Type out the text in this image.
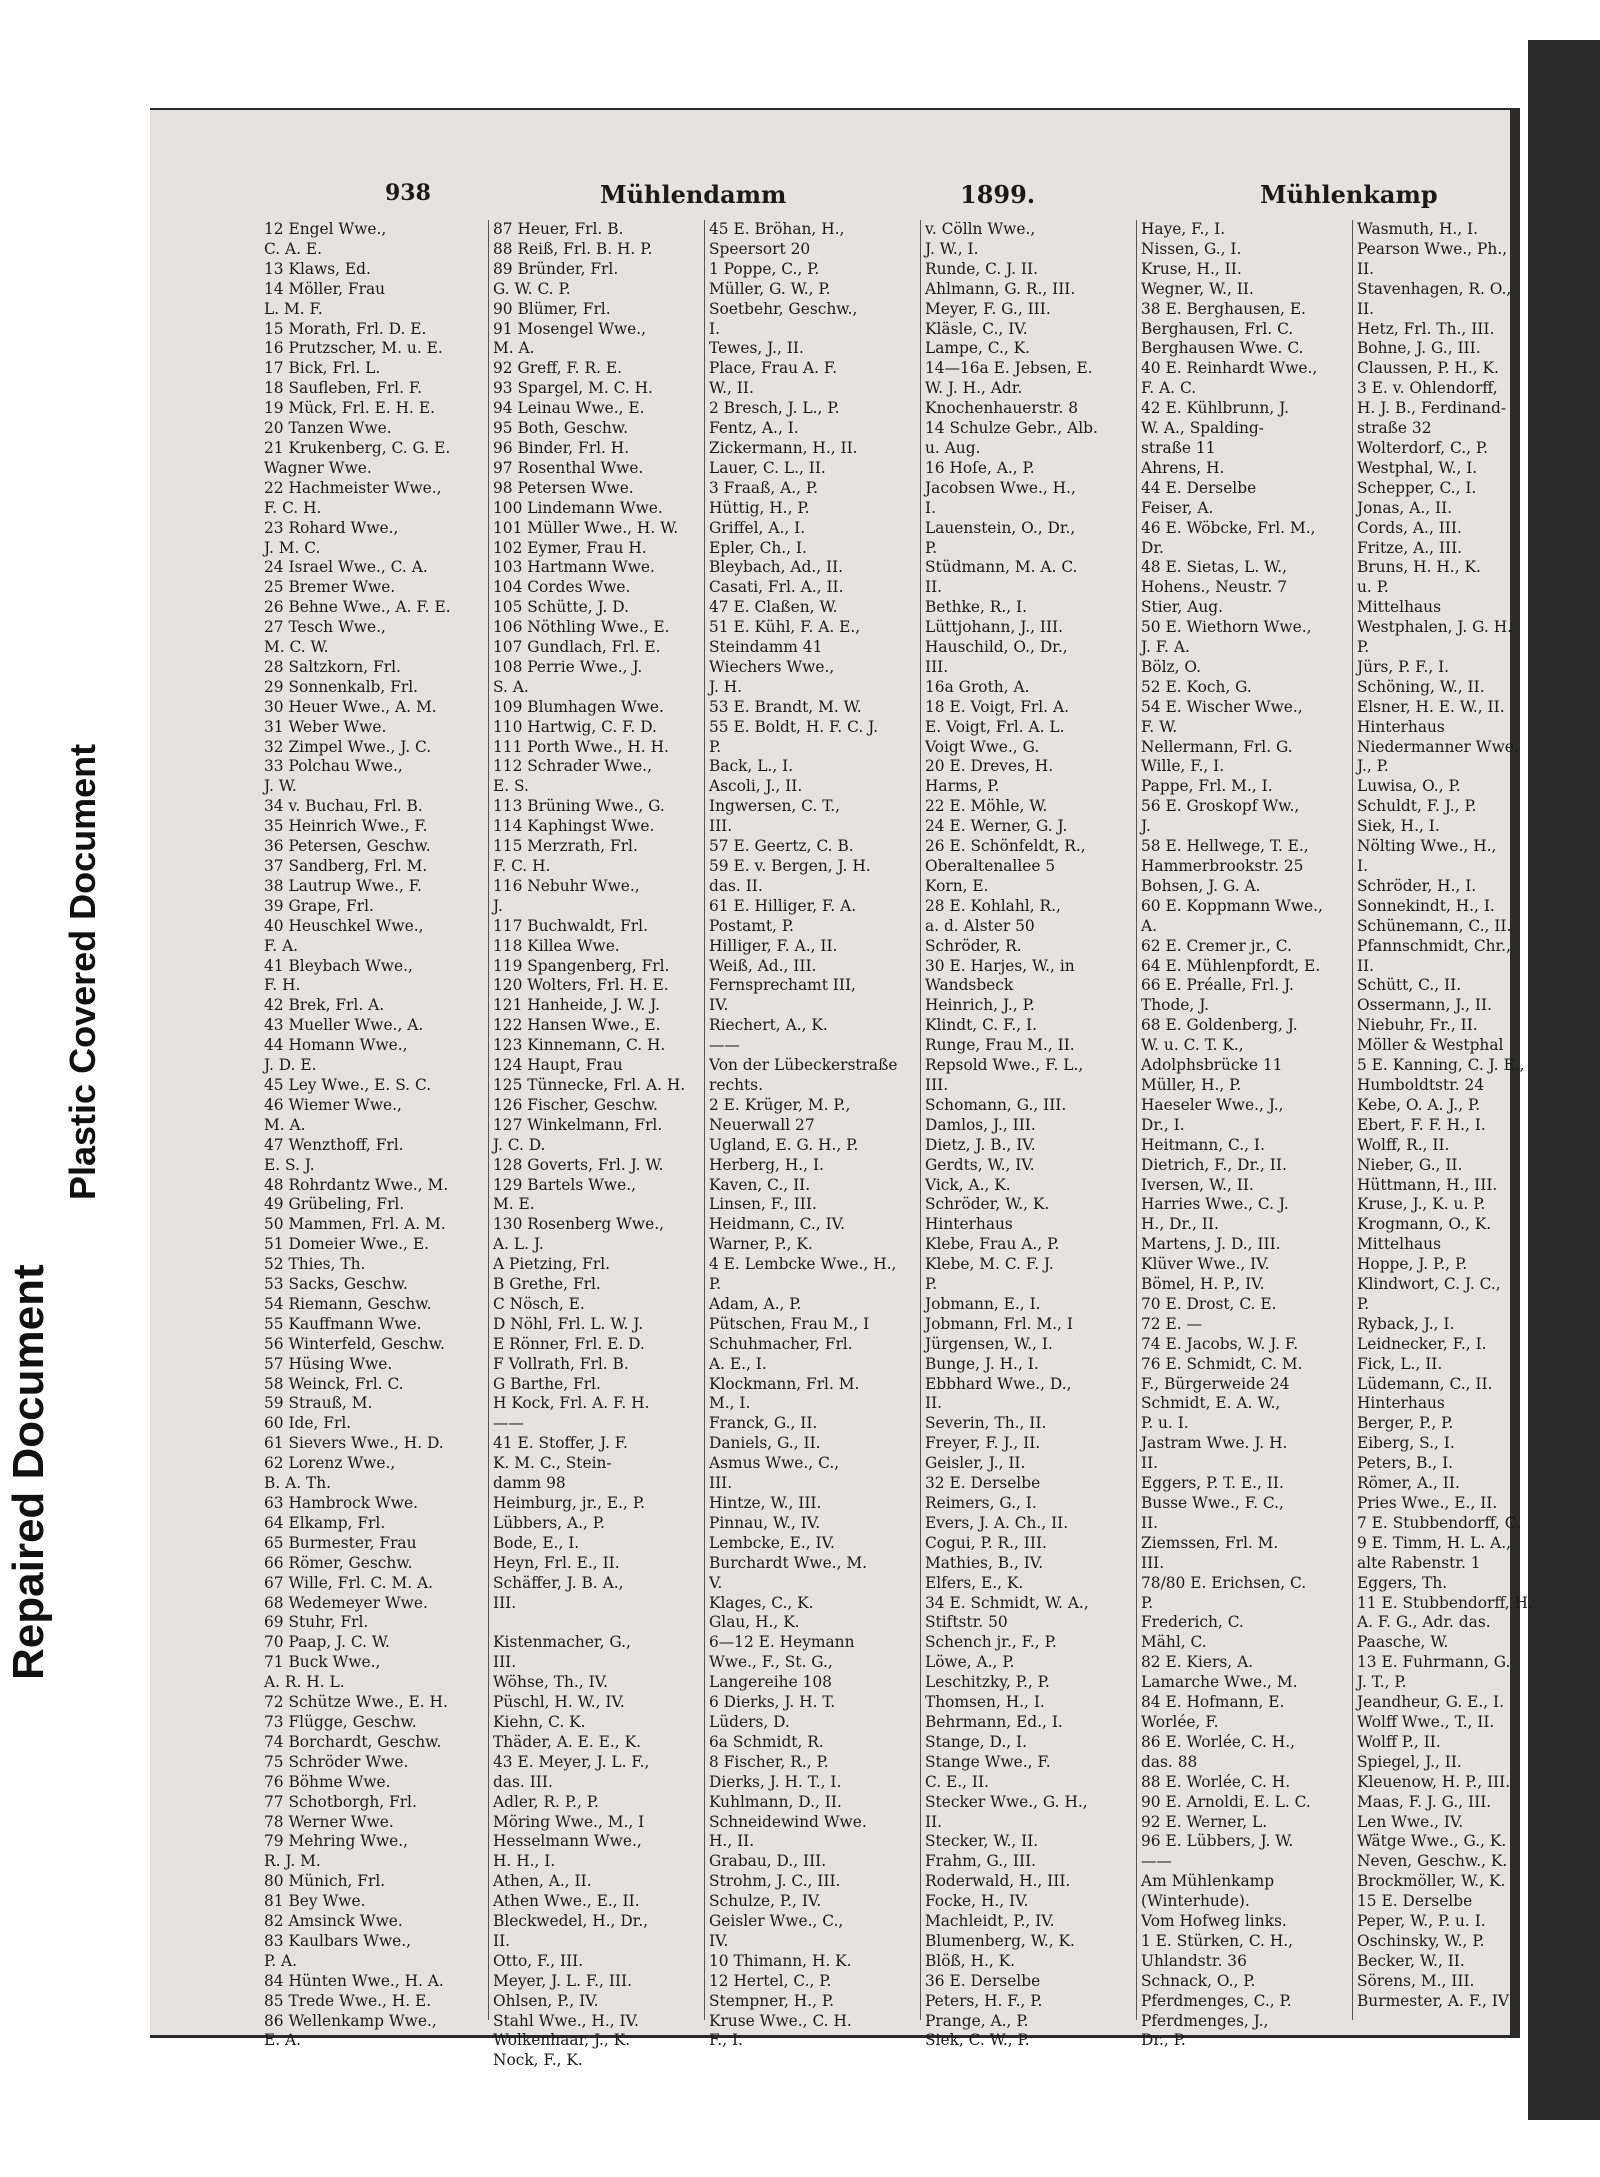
Repaired Document
Plastic Covered Document
938	Mühlendamm	1899.	Mühlenkamp
12 Engel Wwe.,
C. A. E.
13 Klaws, Ed.
14 Möller, Frau
L. M. F.
15 Morath, Frl. D. E.
16 Prutzscher, M. u. E.
17 Bick, Frl. L.
18 Saufleben, Frl. F.
19 Mück, Frl. E. H. E.
20 Tanzen Wwe.
21 Krukenberg, C. G. E.
Wagner Wwe.
22 Hachmeister Wwe.,
F. C. H.
23 Rohard Wwe.,
J. M. C.
24 Israel Wwe., C. A.
25 Bremer Wwe.
26 Behne Wwe., A. F. E.
27 Tesch Wwe.,
M. C. W.
28 Saltzkorn, Frl.
29 Sonnenkalb, Frl.
30 Heuer Wwe., A. M.
31 Weber Wwe.
32 Zimpel Wwe., J. C.
33 Polchau Wwe.,
J. W.
34 v. Buchau, Frl. B.
35 Heinrich Wwe., F.
36 Petersen, Geschw.
37 Sandberg, Frl. M.
38 Lautrup Wwe., F.
39 Grape, Frl.
40 Heuschkel Wwe.,
F. A.
41 Bleybach Wwe.,
F. H.
42 Brek, Frl. A.
43 Mueller Wwe., A.
44 Homann Wwe.,
J. D. E.
45 Ley Wwe., E. S. C.
46 Wiemer Wwe.,
M. A.
47 Wenzthoff, Frl.
E. S. J.
48 Rohrdantz Wwe., M.
49 Grübeling, Frl.
50 Mammen, Frl. A. M.
51 Domeier Wwe., E.
52 Thies, Th.
53 Sacks, Geschw.
54 Riemann, Geschw.
55 Kauffmann Wwe.
56 Winterfeld, Geschw.
57 Hüsing Wwe.
58 Weinck, Frl. C.
59 Strauß, M.
60 Ide, Frl.
61 Sievers Wwe., H. D.
62 Lorenz Wwe.,
B. A. Th.
63 Hambrock Wwe.
64 Elkamp, Frl.
65 Burmester, Frau
66 Römer, Geschw.
67 Wille, Frl. C. M. A.
68 Wedemeyer Wwe.
69 Stuhr, Frl.
70 Paap, J. C. W.
71 Buck Wwe.,
A. R. H. L.
72 Schütze Wwe., E. H.
73 Flügge, Geschw.
74 Borchardt, Geschw.
75 Schröder Wwe.
76 Böhme Wwe.
77 Schotborgh, Frl.
78 Werner Wwe.
79 Mehring Wwe.,
R. J. M.
80 Münich, Frl.
81 Bey Wwe.
82 Amsinck Wwe.
83 Kaulbars Wwe.,
P. A.
84 Hünten Wwe., H. A.
85 Trede Wwe., H. E.
86 Wellenkamp Wwe.,
E. A.
87 Heuer, Frl. B.
88 Reiß, Frl. B. H. P.
89 Bründer, Frl.
G. W. C. P.
90 Blümer, Frl.
91 Mosengel Wwe.,
M. A.
92 Greff, F. R. E.
93 Spargel, M. C. H.
94 Leinau Wwe., E.
95 Both, Geschw.
96 Binder, Frl. H.
97 Rosenthal Wwe.
98 Petersen Wwe.
100 Lindemann Wwe.
101 Müller Wwe., H. W.
102 Eymer, Frau H.
103 Hartmann Wwe.
104 Cordes Wwe.
105 Schütte, J. D.
106 Nöthling Wwe., E.
107 Gundlach, Frl. E.
108 Perrie Wwe., J.
S. A.
109 Blumhagen Wwe.
110 Hartwig, C. F. D.
111 Porth Wwe., H. H.
112 Schrader Wwe.,
E. S.
113 Brüning Wwe., G.
114 Kaphingst Wwe.
115 Merzrath, Frl.
F. C. H.
116 Nebuhr Wwe.,
J.
117 Buchwaldt, Frl.
118 Killea Wwe.
119 Spangenberg, Frl.
120 Wolters, Frl. H. E.
121 Hanheide, J. W. J.
122 Hansen Wwe., E.
123 Kinnemann, C. H.
124 Haupt, Frau
125 Tünnecke, Frl. A. H.
126 Fischer, Geschw.
127 Winkelmann, Frl.
J. C. D.
128 Goverts, Frl. J. W.
129 Bartels Wwe.,
M. E.
130 Rosenberg Wwe.,
A. L. J.
A Pietzing, Frl.
B Grethe, Frl.
C Nösch, E.
D Nöhl, Frl. L. W. J.
E Rönner, Frl. E. D.
F Vollrath, Frl. B.
G Barthe, Frl.
H Kock, Frl. A. F. H.
——
41 E. Stoffer, J. F.
K. M. C., Stein-
damm 98
Heimburg, jr., E., P.
Lübbers, A., P.
Bode, E., I.
Heyn, Frl. E., II.
Schäffer, J. B. A.,
III.

Kistenmacher, G.,
III.
Wöhse, Th., IV.
Püschl, H. W., IV.
Kiehn, C. K.
Thäder, A. E. E., K.
43 E. Meyer, J. L. F.,
das. III.
Adler, R. P., P.
Möring Wwe., M., I
Hesselmann Wwe.,
H. H., I.
Athen, A., II.
Athen Wwe., E., II.
Bleckwedel, H., Dr.,
II.
Otto, F., III.
Meyer, J. L. F., III.
Ohlsen, P., IV.
Stahl Wwe., H., IV.
Wolkenhaar, J., K.
Nock, F., K.
45 E. Bröhan, H.,
Speersort 20
1 Poppe, C., P.
Müller, G. W., P.
Soetbehr, Geschw.,
I.
Tewes, J., II.
Place, Frau A. F.
W., II.
2 Bresch, J. L., P.
Fentz, A., I.
Zickermann, H., II.
Lauer, C. L., II.
3 Fraaß, A., P.
Hüttig, H., P.
Griffel, A., I.
Epler, Ch., I.
Bleybach, Ad., II.
Casati, Frl. A., II.
47 E. Claßen, W.
51 E. Kühl, F. A. E.,
Steindamm 41
Wiechers Wwe.,
J. H.
53 E. Brandt, M. W.
55 E. Boldt, H. F. C. J.
P.
Back, L., I.
Ascoli, J., II.
Ingwersen, C. T.,
III.
57 E. Geertz, C. B.
59 E. v. Bergen, J. H.
das. II.
61 E. Hilliger, F. A.
Postamt, P.
Hilliger, F. A., II.
Weiß, Ad., III.
Fernsprechamt III,
IV.
Riechert, A., K.
——
Von der Lübeckerstraße
rechts.
2 E. Krüger, M. P.,
Neuerwall 27
Ugland, E. G. H., P.
Herberg, H., I.
Kaven, C., II.
Linsen, F., III.
Heidmann, C., IV.
Warner, P., K.
4 E. Lembcke Wwe., H.,
P.
Adam, A., P.
Pütschen, Frau M., I
Schuhmacher, Frl.
A. E., I.
Klockmann, Frl. M.
M., I.
Franck, G., II.
Daniels, G., II.
Asmus Wwe., C.,
III.
Hintze, W., III.
Pinnau, W., IV.
Lembcke, E., IV.
Burchardt Wwe., M.
V.
Klages, C., K.
Glau, H., K.
6—12 E. Heymann
Wwe., F., St. G.,
Langereihe 108
6 Dierks, J. H. T.
Lüders, D.
6a Schmidt, R.
8 Fischer, R., P.
Dierks, J. H. T., I.
Kuhlmann, D., II.
Schneidewind Wwe.
H., II.
Grabau, D., III.
Strohm, J. C., III.
Schulze, P., IV.
Geisler Wwe., C.,
IV.
10 Thimann, H. K.
12 Hertel, C., P.
Stempner, H., P.
Kruse Wwe., C. H.
F., I.
v. Cölln Wwe.,
J. W., I.
Runde, C. J. II.
Ahlmann, G. R., III.
Meyer, F. G., III.
Kläsle, C., IV.
Lampe, C., K.
14—16a E. Jebsen, E.
W. J. H., Adr.
Knochenhauerstr. 8
14 Schulze Gebr., Alb.
u. Aug.
16 Hoſe, A., P.
Jacobsen Wwe., H.,
I.
Lauenstein, O., Dr.,
P.
Stüdmann, M. A. C.
II.
Bethke, R., I.
Lüttjohann, J., III.
Hauschild, O., Dr.,
III.
16a Groth, A.
18 E. Voigt, Frl. A.
E. Voigt, Frl. A. L.
Voigt Wwe., G.
20 E. Dreves, H.
Harms, P.
22 E. Möhle, W.
24 E. Werner, G. J.
26 E. Schönfeldt, R.,
Oberaltenallee 5
Korn, E.
28 E. Kohlahl, R.,
a. d. Alster 50
Schröder, R.
30 E. Harjes, W., in
Wandsbeck
Heinrich, J., P.
Klindt, C. F., I.
Runge, Frau M., II.
Repsold Wwe., F. L.,
III.
Schomann, G., III.
Damlos, J., III.
Dietz, J. B., IV.
Gerdts, W., IV.
Vick, A., K.
Schröder, W., K.
Hinterhaus
Klebe, Frau A., P.
Klebe, M. C. F. J.
P.
Jobmann, E., I.
Jobmann, Frl. M., I
Jürgensen, W., I.
Bunge, J. H., I.
Ebbhard Wwe., D.,
II.
Severin, Th., II.
Freyer, F. J., II.
Geisler, J., II.
32 E. Derselbe
Reimers, G., I.
Evers, J. A. Ch., II.
Cogui, P. R., III.
Mathies, B., IV.
Elfers, E., K.
34 E. Schmidt, W. A.,
Stiftstr. 50
Schench jr., F., P.
Löwe, A., P.
Leschitzky, P., P.
Thomsen, H., I.
Behrmann, Ed., I.
Stange, D., I.
Stange Wwe., F.
C. E., II.
Stecker Wwe., G. H.,
II.
Stecker, W., II.
Frahm, G., III.
Roderwald, H., III.
Focke, H., IV.
Machleidt, P., IV.
Blumenberg, W., K.
Blöß, H., K.
36 E. Derselbe
Peters, H. F., P.
Prange, A., P.
Siek, C. W., P.
Haye, F., I.
Nissen, G., I.
Kruse, H., II.
Wegner, W., II.
38 E. Berghausen, E.
Berghausen, Frl. C.
Berghausen Wwe. C.
40 E. Reinhardt Wwe.,
F. A. C.
42 E. Kühlbrunn, J.
W. A., Spalding-
straße 11
Ahrens, H.
44 E. Derselbe
Feiser, A.
46 E. Wöbcke, Frl. M.,
Dr.
48 E. Sietas, L. W.,
Hohens., Neustr. 7
Stier, Aug.
50 E. Wiethorn Wwe.,
J. F. A.
Bölz, O.
52 E. Koch, G.
54 E. Wischer Wwe.,
F. W.
Nellermann, Frl. G.
Wille, F., I.
Pappe, Frl. M., I.
56 E. Groskopf Ww.,
J.
58 E. Hellwege, T. E.,
Hammerbrookstr. 25
Bohsen, J. G. A.
60 E. Koppmann Wwe.,
A.
62 E. Cremer jr., C.
64 E. Mühlenpfordt, E.
66 E. Préalle, Frl. J.
Thode, J.
68 E. Goldenberg, J.
W. u. C. T. K.,
Adolphsbrücke 11
Müller, H., P.
Haeseler Wwe., J.,
Dr., I.
Heitmann, C., I.
Dietrich, F., Dr., II.
Iversen, W., II.
Harries Wwe., C. J.
H., Dr., II.
Martens, J. D., III.
Klüver Wwe., IV.
Bömel, H. P., IV.
70 E. Drost, C. E.
72 E. —
74 E. Jacobs, W. J. F.
76 E. Schmidt, C. M.
F., Bürgerweide 24
Schmidt, E. A. W.,
P. u. I.
Jastram Wwe. J. H.
II.
Eggers, P. T. E., II.
Busse Wwe., F. C.,
II.
Ziemssen, Frl. M.
III.
78/80 E. Erichsen, C.
P.
Frederich, C.
Mähl, C.
82 E. Kiers, A.
Lamarche Wwe., M.
84 E. Hofmann, E.
Worlée, F.
86 E. Worlée, C. H.,
das. 88
88 E. Worlée, C. H.
90 E. Arnoldi, E. L. C.
92 E. Werner, L.
96 E. Lübbers, J. W.
——
Am Mühlenkamp
(Winterhude).
Vom Hofweg links.
1 E. Stürken, C. H.,
Uhlandstr. 36
Schnack, O., P.
Pferdmenges, C., P.
Pferdmenges, J.,
Dr., P.
Wasmuth, H., I.
Pearson Wwe., Ph.,
II.
Stavenhagen, R. O.,
II.
Hetz, Frl. Th., III.
Bohne, J. G., III.
Claussen, P. H., K.
3 E. v. Ohlendorff,
H. J. B., Ferdinand-
straße 32
Wolterdorf, C., P.
Westphal, W., I.
Schepper, C., I.
Jonas, A., II.
Cords, A., III.
Fritze, A., III.
Bruns, H. H., K.
u. P.
Mittelhaus
Westphalen, J. G. H.
P.
Jürs, P. F., I.
Schöning, W., II.
Elsner, H. E. W., II.
Hinterhaus
Niedermanner Wwe.
J., P.
Luwisa, O., P.
Schuldt, F. J., P.
Siek, H., I.
Nölting Wwe., H.,
I.
Schröder, H., I.
Sonnekindt, H., I.
Schünemann, C., II.
Pfannschmidt, Chr.,
II.
Schütt, C., II.
Ossermann, J., II.
Niebuhr, Fr., II.
Möller & Westphal
5 E. Kanning, C. J. E.,
Humboldtstr. 24
Kebe, O. A. J., P.
Ebert, F. F. H., I.
Wolff, R., II.
Nieber, G., II.
Hüttmann, H., III.
Kruse, J., K. u. P.
Krogmann, O., K.
Mittelhaus
Hoppe, J. P., P.
Klindwort, C. J. C.,
P.
Ryback, J., I.
Leidnecker, F., I.
Fick, L., II.
Lüdemann, C., II.
Hinterhaus
Berger, P., P.
Eiberg, S., I.
Peters, B., I.
Römer, A., II.
Pries Wwe., E., II.
7 E. Stubbendorff, C.
9 E. Timm, H. L. A.,
alte Rabenstr. 1
Eggers, Th.
11 E. Stubbendorff, H.
A. F. G., Adr. das.
Paasche, W.
13 E. Fuhrmann, G.
J. T., P.
Jeandheur, G. E., I.
Wolff Wwe., T., II.
Wolff P., II.
Spiegel, J., II.
Kleuenow, H. P., III.
Maas, F. J. G., III.
Len Wwe., IV.
Wätge Wwe., G., K.
Neven, Geschw., K.
Brockmöller, W., K.
15 E. Derselbe
Peper, W., P. u. I.
Oschinsky, W., P.
Becker, W., II.
Sörens, M., III.
Burmester, A. F., IV
